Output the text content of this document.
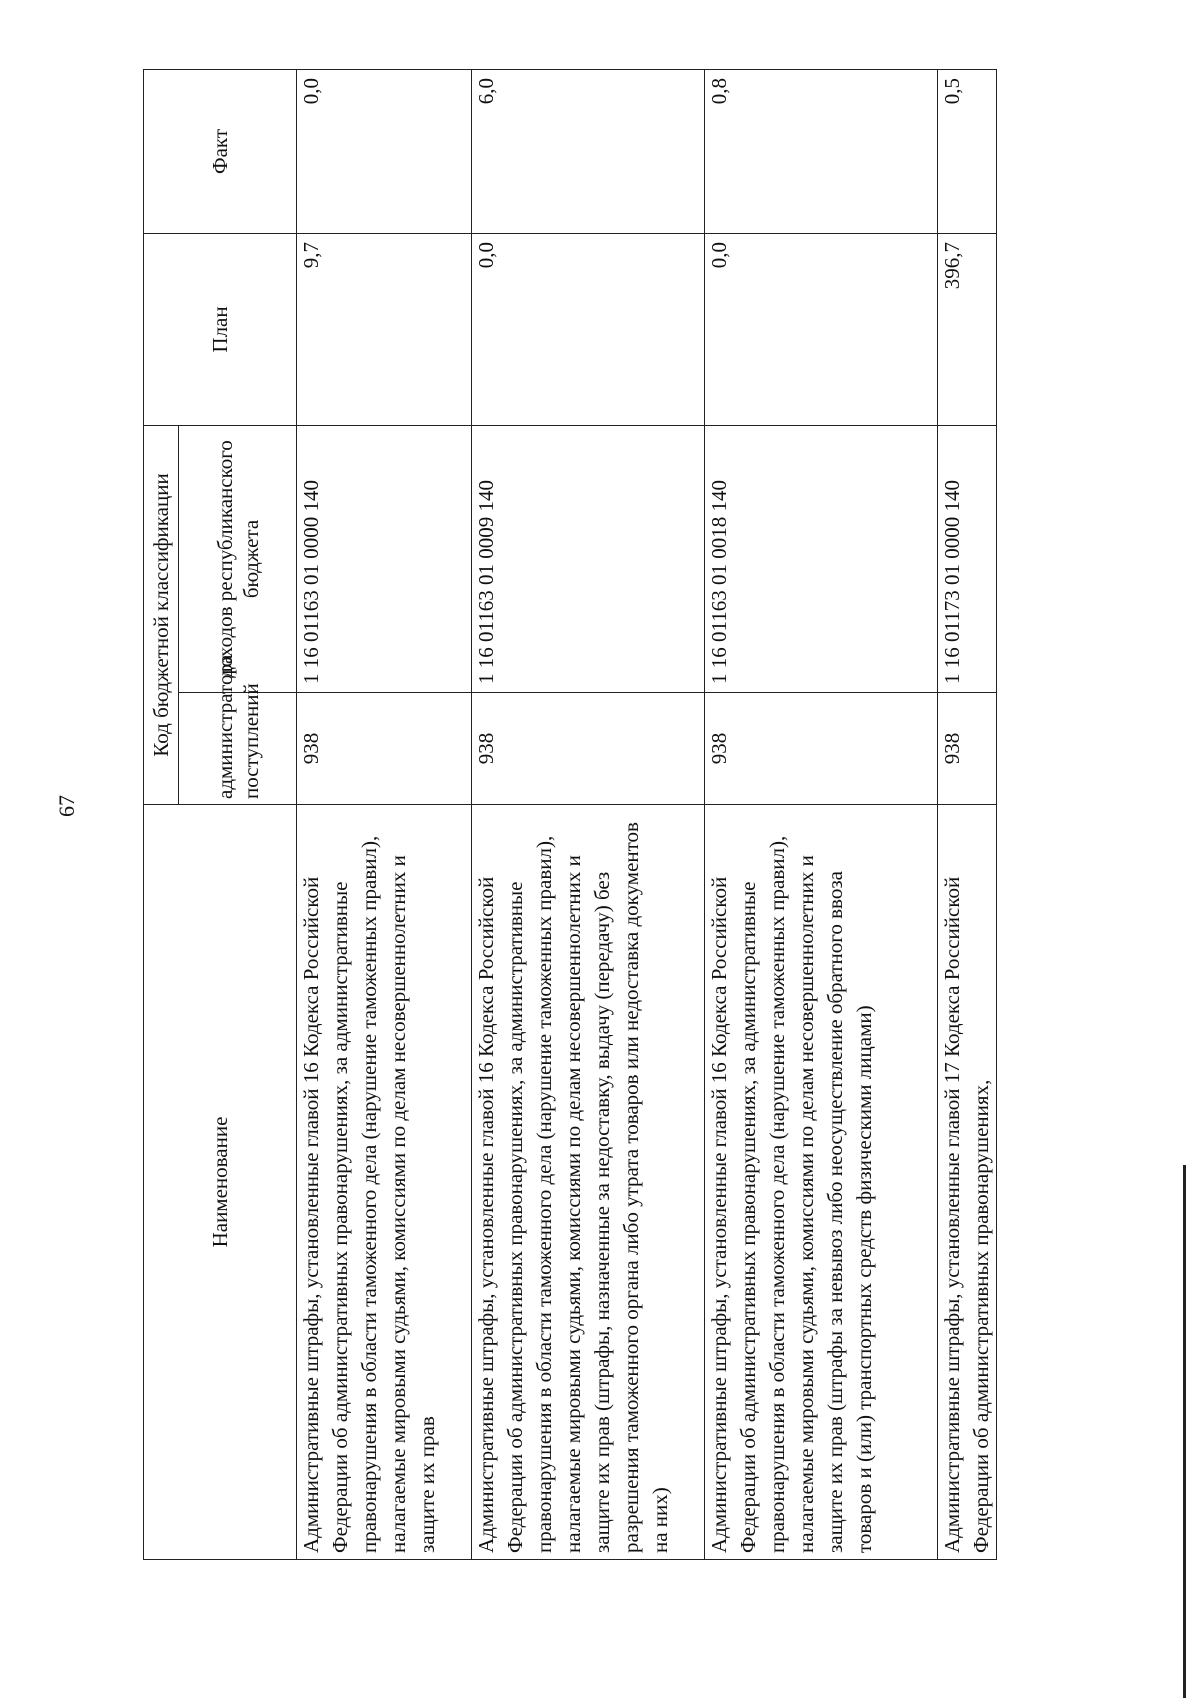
67
Наименование	Код бюджетной классификации		План	Факт
	администратора поступлений	доходов республиканского бюджета		
Административные штрафы, установленные главой 16 Кодекса Российской Федерации об административных правонарушениях, за административные правонарушения в области таможенного дела (нарушение таможенных правил), налагаемые мировыми судьями, комиссиями по делам несовершеннолетних и защите их прав	938	1 16 01163 01 0000 140	9,7	0,0
Административные штрафы, установленные главой 16 Кодекса Российской Федерации об административных правонарушениях, за административные правонарушения в области таможенного дела (нарушение таможенных правил), налагаемые мировыми судьями, комиссиями по делам несовершеннолетних и защите их прав (штрафы, назначенные за недоставку, выдачу (передачу) без разрешения таможенного органа либо утрата товаров или недоставка документов на них)	938	1 16 01163 01 0009 140	0,0	6,0
Административные штрафы, установленные главой 16 Кодекса Российской Федерации об административных правонарушениях, за административные правонарушения в области таможенного дела (нарушение таможенных правил), налагаемые мировыми судьями, комиссиями по делам несовершеннолетних и защите их прав (штрафы за невывоз либо неосуществление обратного ввоза товаров и (или) транспортных средств физическими лицами)	938	1 16 01163 01 0018 140	0,0	0,8
Административные штрафы, установленные главой 17 Кодекса Российской Федерации об административных правонарушениях,	938	1 16 01173 01 0000 140	396,7	0,5
